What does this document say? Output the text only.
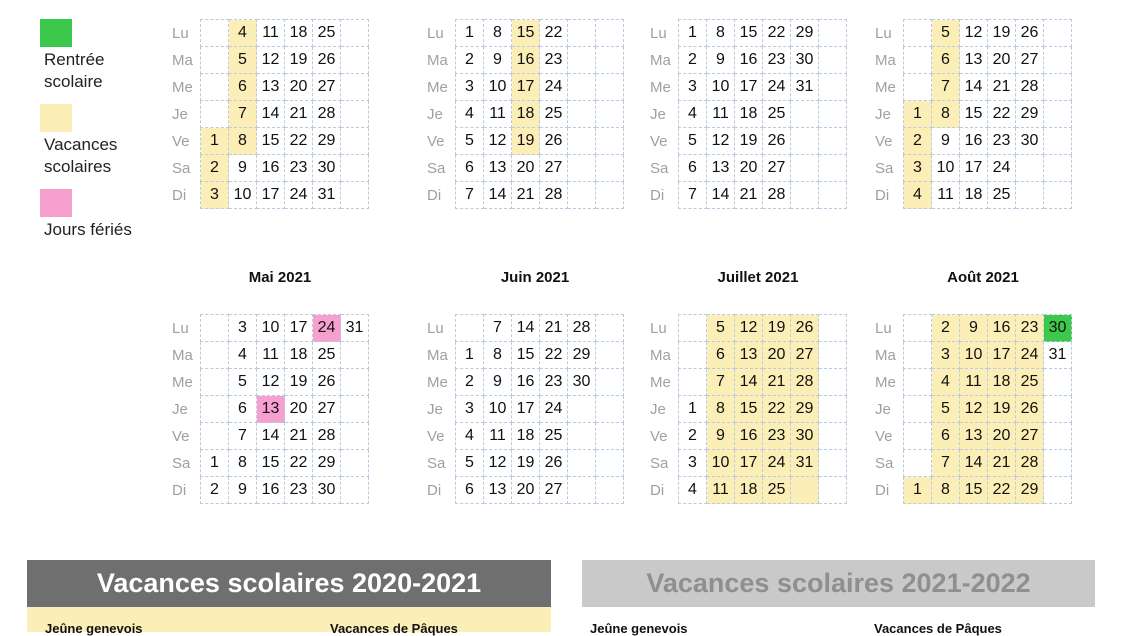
Rentrée
scolaire
Vacances
scolaires
Jours fériés
Lu		4	11	18	25	
Ma		5	12	19	26	
Me		6	13	20	27	
Je		7	14	21	28	
Ve	1	8	15	22	29	
Sa	2	9	16	23	30	
Di	3	10	17	24	31	
Lu	1	8	15	22		
Ma	2	9	16	23		
Me	3	10	17	24		
Je	4	11	18	25		
Ve	5	12	19	26		
Sa	6	13	20	27		
Di	7	14	21	28		
Lu	1	8	15	22	29	
Ma	2	9	16	23	30	
Me	3	10	17	24	31	
Je	4	11	18	25		
Ve	5	12	19	26		
Sa	6	13	20	27		
Di	7	14	21	28		
Lu		5	12	19	26	
Ma		6	13	20	27	
Me		7	14	21	28	
Je	1	8	15	22	29	
Ve	2	9	16	23	30	
Sa	3	10	17	24		
Di	4	11	18	25		
Mai 2021
Lu		3	10	17	24	31
Ma		4	11	18	25	
Me		5	12	19	26	
Je		6	13	20	27	
Ve		7	14	21	28	
Sa	1	8	15	22	29	
Di	2	9	16	23	30	
Juin 2021
Lu		7	14	21	28	
Ma	1	8	15	22	29	
Me	2	9	16	23	30	
Je	3	10	17	24		
Ve	4	11	18	25		
Sa	5	12	19	26		
Di	6	13	20	27		
Juillet 2021
Lu		5	12	19	26	
Ma		6	13	20	27	
Me		7	14	21	28	
Je	1	8	15	22	29	
Ve	2	9	16	23	30	
Sa	3	10	17	24	31	
Di	4	11	18	25		
Août 2021
Lu		2	9	16	23	30
Ma		3	10	17	24	31
Me		4	11	18	25	
Je		5	12	19	26	
Ve		6	13	20	27	
Sa		7	14	21	28	
Di	1	8	15	22	29	
Vacances scolaires 2020-2021	Vacances scolaires 2021-2022
Jeûne genevois	Vacances de Pâques	Jeûne genevois	Vacances de Pâques
